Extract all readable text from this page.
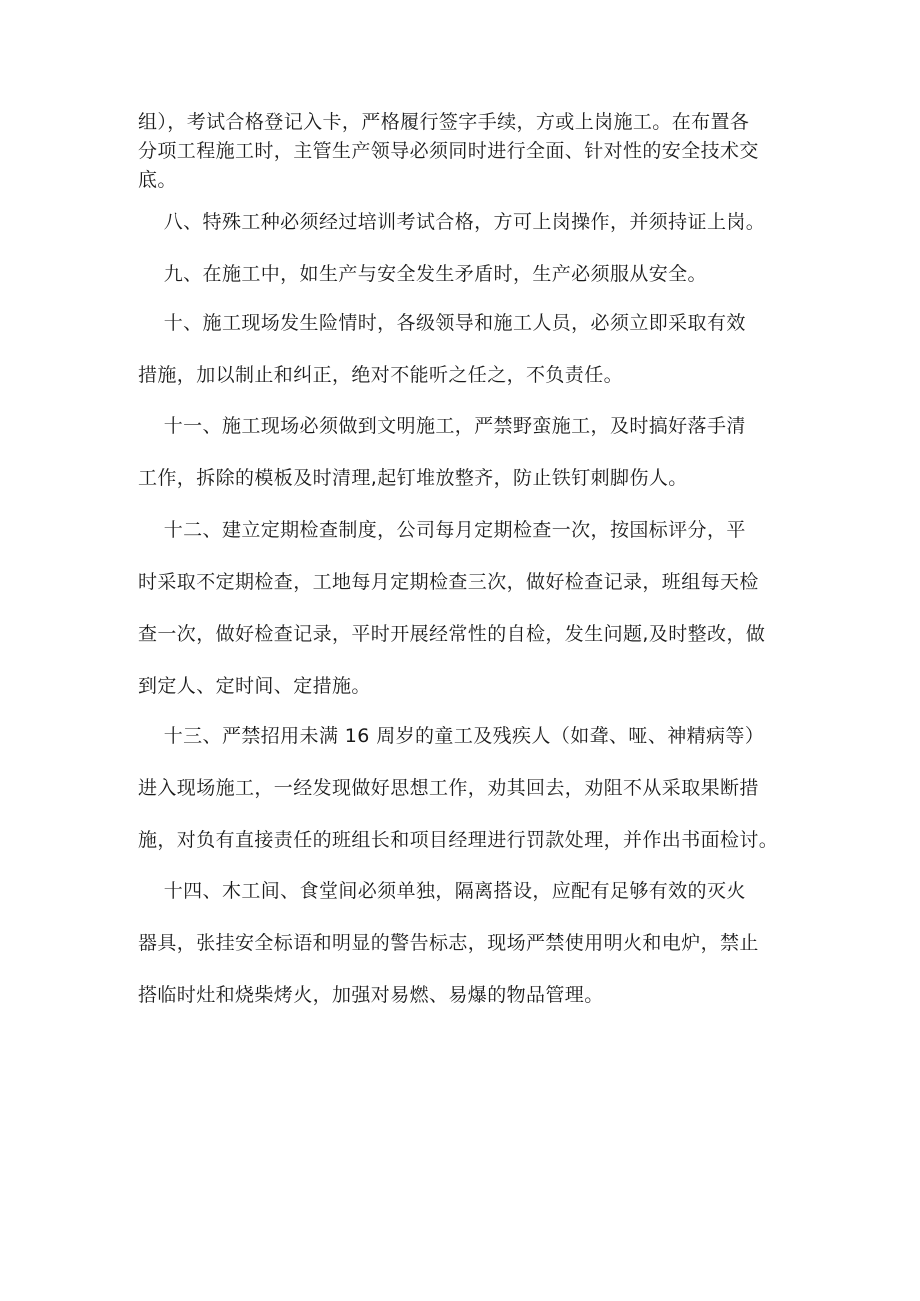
组），考试合格登记入卡，严格履行签字手续，方或上岗施工。在布置各
分项工程施工时，主管生产领导必须同时进行全面、针对性的安全技术交
底。
八、特殊工种必须经过培训考试合格，方可上岗操作，并须持证上岗。
九、在施工中，如生产与安全发生矛盾时，生产必须服从安全。
十、施工现场发生险情时，各级领导和施工人员，必须立即采取有效
措施，加以制止和纠正，绝对不能听之任之，不负责任。
十一、施工现场必须做到文明施工，严禁野蛮施工，及时搞好落手清
工作，拆除的模板及时清理,起钉堆放整齐，防止铁钉刺脚伤人。
十二、建立定期检查制度，公司每月定期检查一次，按国标评分，平
时采取不定期检查，工地每月定期检查三次，做好检查记录，班组每天检
查一次，做好检查记录，平时开展经常性的自检，发生问题,及时整改，做
到定人、定时间、定措施。
十三、严禁招用未满 16 周岁的童工及残疾人（如聋、哑、神精病等）
进入现场施工，一经发现做好思想工作，劝其回去，劝阻不从采取果断措
施，对负有直接责任的班组长和项目经理进行罚款处理，并作出书面检讨。
十四、木工间、食堂间必须单独，隔离搭设，应配有足够有效的灭火
器具，张挂安全标语和明显的警告标志，现场严禁使用明火和电炉，禁止
搭临时灶和烧柴烤火，加强对易燃、易爆的物品管理。
